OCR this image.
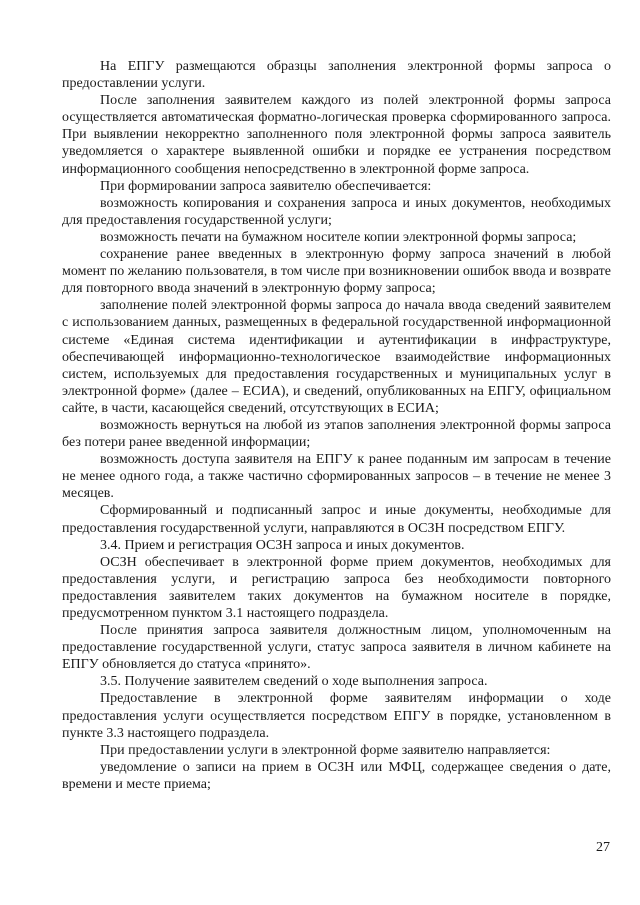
На ЕПГУ размещаются образцы заполнения электронной формы запроса о предоставлении услуги.

После заполнения заявителем каждого из полей электронной формы запроса осуществляется автоматическая форматно-логическая проверка сформированного запроса. При выявлении некорректно заполненного поля электронной формы запроса заявитель уведомляется о характере выявленной ошибки и порядке ее устранения посредством информационного сообщения непосредственно в электронной форме запроса.

При формировании запроса заявителю обеспечивается:

возможность копирования и сохранения запроса и иных документов, необходимых для предоставления государственной услуги;

возможность печати на бумажном носителе копии электронной формы запроса;

сохранение ранее введенных в электронную форму запроса значений в любой момент по желанию пользователя, в том числе при возникновении ошибок ввода и возврате для повторного ввода значений в электронную форму запроса;

заполнение полей электронной формы запроса до начала ввода сведений заявителем с использованием данных, размещенных в федеральной государственной информационной системе «Единая система идентификации и аутентификации в инфраструктуре, обеспечивающей информационно-технологическое взаимодействие информационных систем, используемых для предоставления государственных и муниципальных услуг в электронной форме» (далее – ЕСИА), и сведений, опубликованных на ЕПГУ, официальном сайте, в части, касающейся сведений, отсутствующих в ЕСИА;

возможность вернуться на любой из этапов заполнения электронной формы запроса без потери ранее введенной информации;

возможность доступа заявителя на ЕПГУ к ранее поданным им запросам в течение не менее одного года, а также частично сформированных запросов – в течение не менее 3 месяцев.

Сформированный и подписанный запрос и иные документы, необходимые для предоставления государственной услуги, направляются в ОСЗН посредством ЕПГУ.

3.4. Прием и регистрация ОСЗН запроса и иных документов.

ОСЗН обеспечивает в электронной форме прием документов, необходимых для предоставления услуги, и регистрацию запроса без необходимости повторного предоставления заявителем таких документов на бумажном носителе в порядке, предусмотренном пунктом 3.1 настоящего подраздела.

После принятия запроса заявителя должностным лицом, уполномоченным на предоставление государственной услуги, статус запроса заявителя в личном кабинете на ЕПГУ обновляется до статуса «принято».

3.5. Получение заявителем сведений о ходе выполнения запроса.

Предоставление в электронной форме заявителям информации о ходе предоставления услуги осуществляется посредством ЕПГУ в порядке, установленном в пункте 3.3 настоящего подраздела.

При предоставлении услуги в электронной форме заявителю направляется:

уведомление о записи на прием в ОСЗН или МФЦ, содержащее сведения о дате, времени и месте приема;

27
